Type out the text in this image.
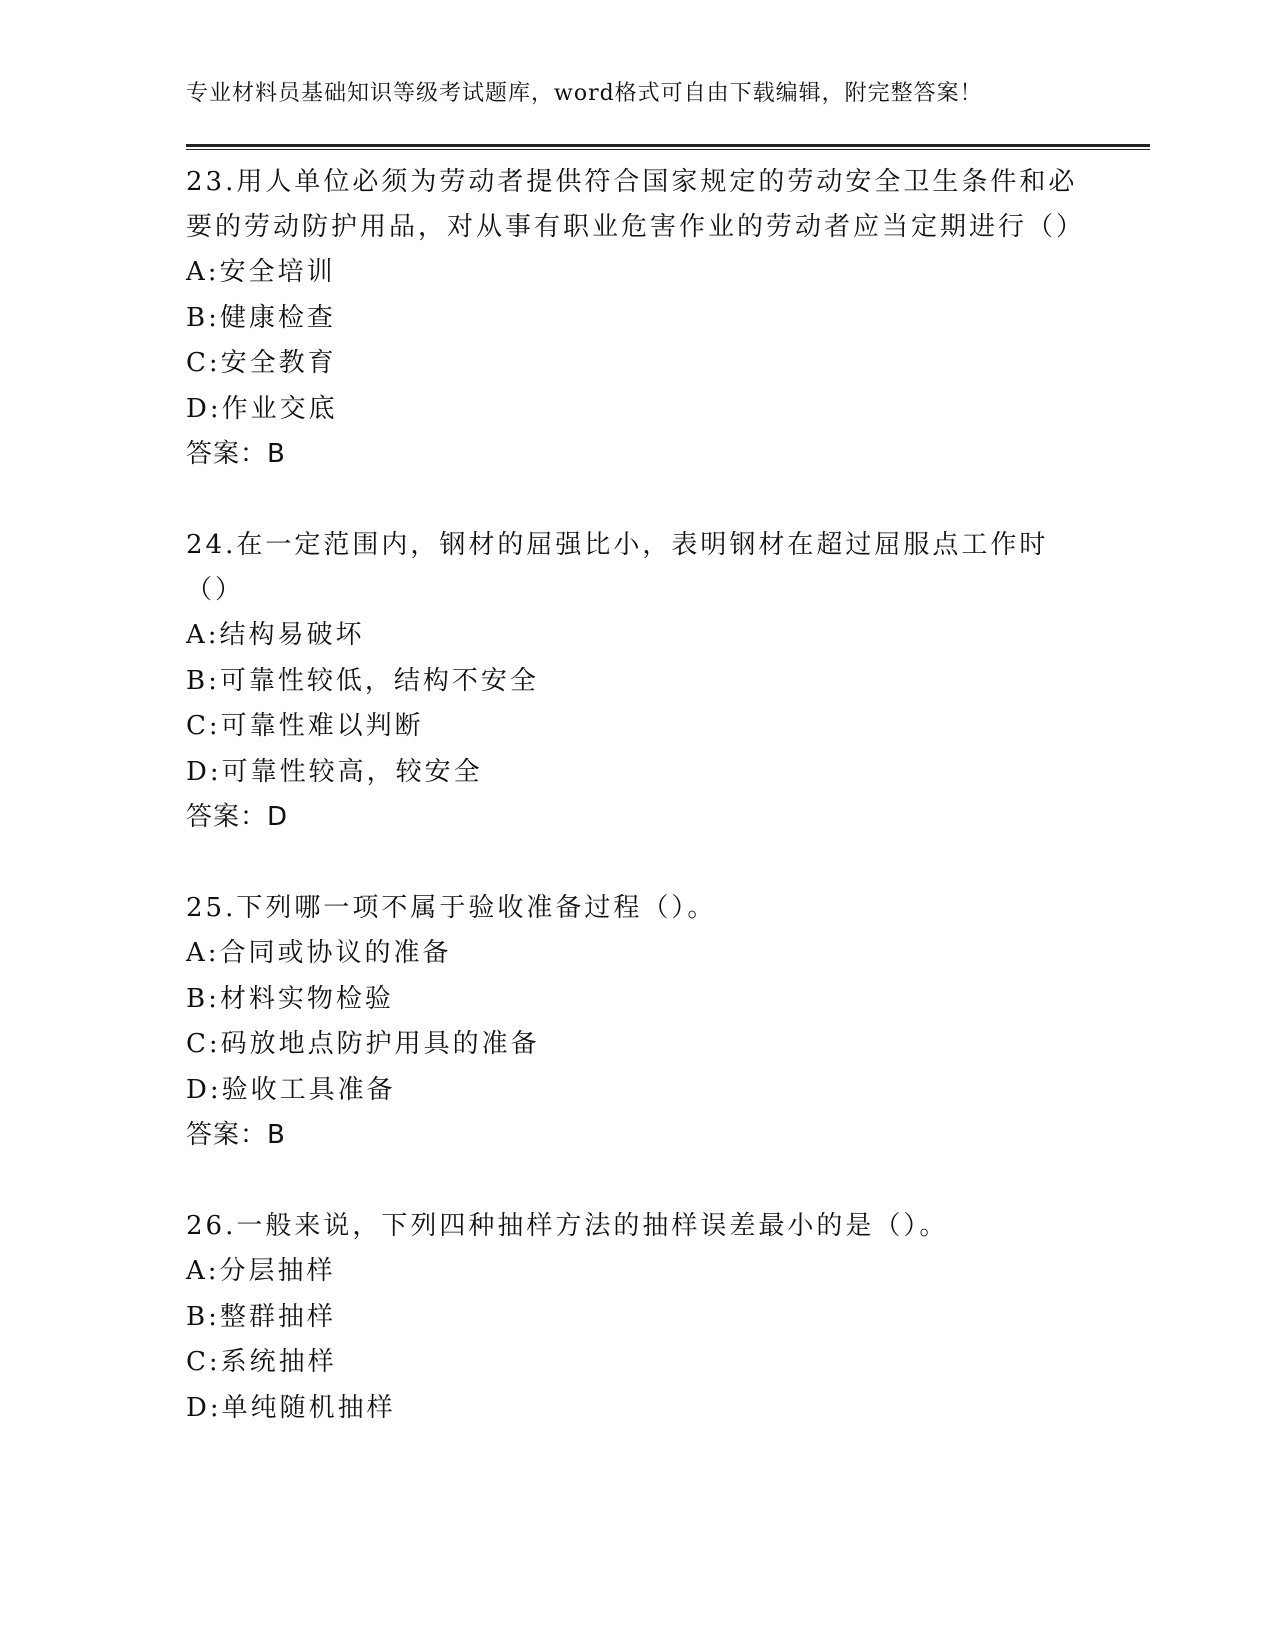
专业材料员基础知识等级考试题库，word格式可自由下载编辑，附完整答案！

23.用人单位必须为劳动者提供符合国家规定的劳动安全卫生条件和必要的劳动防护用品，对从事有职业危害作业的劳动者应当定期进行（）

A:安全培训

B:健康检查

C:安全教育

D:作业交底

答案：B

24.在一定范围内，钢材的屈强比小，表明钢材在超过屈服点工作时（）

A:结构易破坏

B:可靠性较低，结构不安全

C:可靠性难以判断

D:可靠性较高，较安全

答案：D

25.下列哪一项不属于验收准备过程（）。

A:合同或协议的准备

B:材料实物检验

C:码放地点防护用具的准备

D:验收工具准备

答案：B

26.一般来说，下列四种抽样方法的抽样误差最小的是（）。

A:分层抽样

B:整群抽样

C:系统抽样

D:单纯随机抽样
